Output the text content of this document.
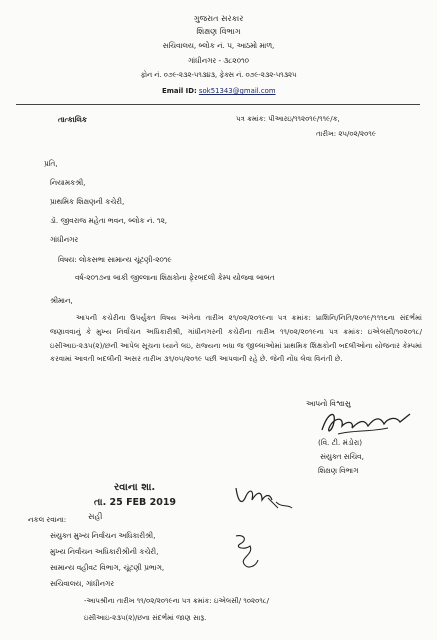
ગુજરાત સરકાર
શિક્ષણ વિભાગ
સચિવાલય, બ્લોક નં. ૫, આઠમો માળ,
ગાંધીનગર - ૩૮૨૦૧૦
ફોન નં. ૦૭૯-૨૩૨-૫૧૩૪૩, ફેક્સ નં. ૦૭૯-૨૩૨-૫૧૩૨૫
Email ID: sok51343@gmail.com
તાત્કાલિક	પત્ર ક્રમાંક: પીઆરઇ/૧૧૨૦૧૯/૧૧૯/ક,
તારીખ: ૨૫/૦૨/૨૦૧૯
પ્રતિ,
નિયામકશ્રી,
પ્રાથમિક શિક્ષણની કચેરી,
ડૉ. જીવરાજ મહેતા ભવન, બ્લોક નં. ૧૨,
ગાંધીનગર
વિષય: લોકસભા સામાન્ય ચૂંટણી-૨૦૧૯
વર્ષ-૨૦૧૭ના બાકી જીલ્લાના શિક્ષકોના ફેરબદલી કેમ્પ યોજવા બાબત
શ્રીમાન,
આપની કચેરીના ઉપર્યુક્ત વિષય અંગેના તારીખ ૨૧/૦૨/૨૦૧૯ના પત્ર ક્રમાંક: પ્રાશિનિ/નિતિ/૨૦૧૯/૧૧૧૬ના સંદર્ભમાં જણાવવાનું કે મુખ્ય નિર્વાચન અધિકારીશ્રી, ગાંધીનગરની કચેરીના તારીખ ૧૧/૦૨/૨૦૧૯ના પત્ર ક્રમાંક: ઇએલસી/૧૦૨૦૧૮/ઇસીઆઇ-૨૩૫(૨)/છની આપેલ સૂચના ધ્યાને લઇ, રાજ્યના બધા જ જીલ્લાઓમાં પ્રાથમિક શિક્ષકોની બદલીઓના યોજનાર કેમ્પમાં કરવામાં આવતી બદલીની અસર તારીખ ૩૧/૦૫/૨૦૧૯ પછી આપવાની રહે છે. જેની નોંધ લેવા વિનંતી છે.
આપનો વિશ્વાસુ
(વિ. ટી. મંડોરા)
સંયુક્ત સચિવ,
શિક્ષણ વિભાગ
રવાના શા.
તા. 25 FEB 2019
સહી
નકલ રવાના:
સંયુક્ત મુખ્ય નિર્વાચન અધિકારીશ્રી,
મુખ્ય નિર્વાચન અધિકારીશ્રીની કચેરી,
સામાન્ય વહીવટ વિભાગ, ચૂંટણી પ્રભાગ,
સચિવાલય, ગાંધીનગર
-આપશ્રીના તારીખ ૧૧/૦૨/૨૦૧૯ના પત્ર ક્રમાંક: ઇએલસી/ ૧૦૨૦૧૮/
ઇસીઆઇ-૨૩૫(૨)/છના સંદર્ભમાં જાણ સારૂ.
